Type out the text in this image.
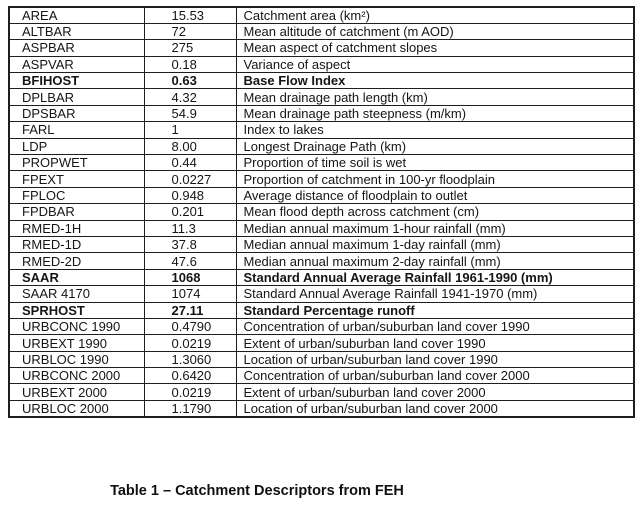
AREA	15.53	Catchment area (km²)
ALTBAR	72	Mean altitude of catchment (m AOD)
ASPBAR	275	Mean aspect of catchment slopes
ASPVAR	0.18	Variance of aspect
BFIHOST	0.63	Base Flow Index
DPLBAR	4.32	Mean drainage path length (km)
DPSBAR	54.9	Mean drainage path steepness (m/km)
FARL	1	Index to lakes
LDP	8.00	Longest Drainage Path (km)
PROPWET	0.44	Proportion of time soil is wet
FPEXT	0.0227	Proportion of catchment in 100-yr floodplain
FPLOC	0.948	Average distance of floodplain to outlet
FPDBAR	0.201	Mean flood depth across catchment (cm)
RMED-1H	11.3	Median annual maximum 1-hour rainfall (mm)
RMED-1D	37.8	Median annual maximum 1-day rainfall (mm)
RMED-2D	47.6	Median annual maximum 2-day rainfall (mm)
SAAR	1068	Standard Annual Average Rainfall 1961-1990 (mm)
SAAR 4170	1074	Standard Annual Average Rainfall 1941-1970 (mm)
SPRHOST	27.11	Standard Percentage runoff
URBCONC 1990	0.4790	Concentration of urban/suburban land cover 1990
URBEXT 1990	0.0219	Extent of urban/suburban land cover 1990
URBLOC 1990	1.3060	Location of urban/suburban land cover 1990
URBCONC 2000	0.6420	Concentration of urban/suburban land cover 2000
URBEXT 2000	0.0219	Extent of urban/suburban land cover 2000
URBLOC 2000	1.1790	Location of urban/suburban land cover 2000
Table 1 – Catchment Descriptors from FEH
